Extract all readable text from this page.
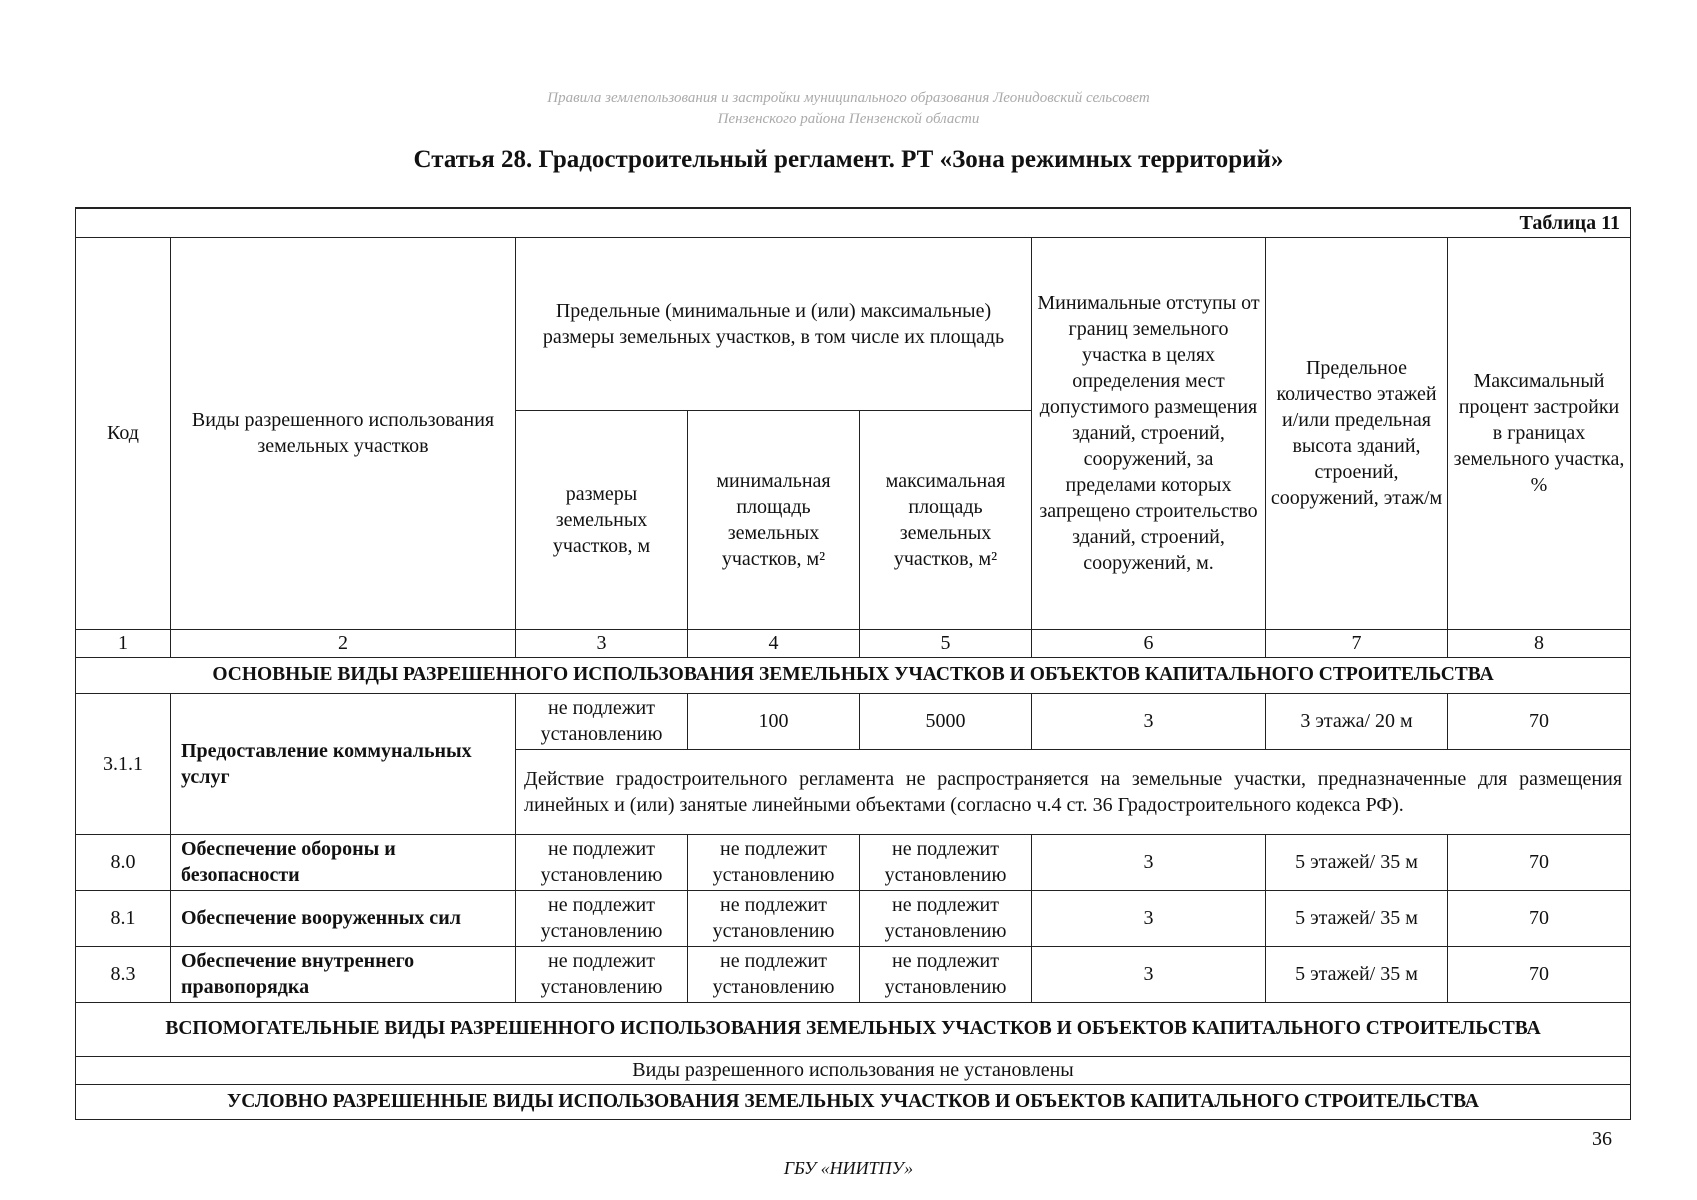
Правила землепользования и застройки муниципального образования Леонидовский сельсовет
Пензенского района Пензенской области
Статья 28. Градостроительный регламент. РТ «Зона режимных территорий»
Таблица 11							
Код	Виды разрешенного использования земельных участков	Предельные (минимальные и (или) максимальные) размеры земельных участков, в том числе их площадь			Минимальные отступы от границ земельного участка в целях определения мест допустимого размещения зданий, строений, сооружений, за пределами которых запрещено строительство зданий, строений, сооружений, м.	Предельное количество этажей и/или предельная высота зданий, строений, сооружений, этаж/м	Максимальный процент застройки в границах земельного участка, %
		размеры земельных участков, м	минимальная площадь земельных участков, м²	максимальная площадь земельных участков, м²			
1	2	3	4	5	6	7	8
ОСНОВНЫЕ ВИДЫ РАЗРЕШЕННОГО ИСПОЛЬЗОВАНИЯ ЗЕМЕЛЬНЫХ УЧАСТКОВ И ОБЪЕКТОВ КАПИТАЛЬНОГО СТРОИТЕЛЬСТВА							
3.1.1	Предоставление коммунальных услуг	не подлежит установлению	100	5000	3	3 этажа/ 20 м	70
		Действие градостроительного регламента не распространяется на земельные участки, предназначенные для размещения линейных и (или) занятые линейными объектами (согласно ч.4 ст. 36 Градостроительного кодекса РФ).					
8.0	Обеспечение обороны и безопасности	не подлежит установлению	не подлежит установлению	не подлежит установлению	3	5 этажей/ 35 м	70
8.1	Обеспечение вооруженных сил	не подлежит установлению	не подлежит установлению	не подлежит установлению	3	5 этажей/ 35 м	70
8.3	Обеспечение внутреннего правопорядка	не подлежит установлению	не подлежит установлению	не подлежит установлению	3	5 этажей/ 35 м	70
ВСПОМОГАТЕЛЬНЫЕ ВИДЫ РАЗРЕШЕННОГО ИСПОЛЬЗОВАНИЯ ЗЕМЕЛЬНЫХ УЧАСТКОВ И ОБЪЕКТОВ КАПИТАЛЬНОГО СТРОИТЕЛЬСТВА							
Виды разрешенного использования не установлены							
УСЛОВНО РАЗРЕШЕННЫЕ ВИДЫ ИСПОЛЬЗОВАНИЯ ЗЕМЕЛЬНЫХ УЧАСТКОВ И ОБЪЕКТОВ КАПИТАЛЬНОГО СТРОИТЕЛЬСТВА							
36
ГБУ «НИИТПУ»
